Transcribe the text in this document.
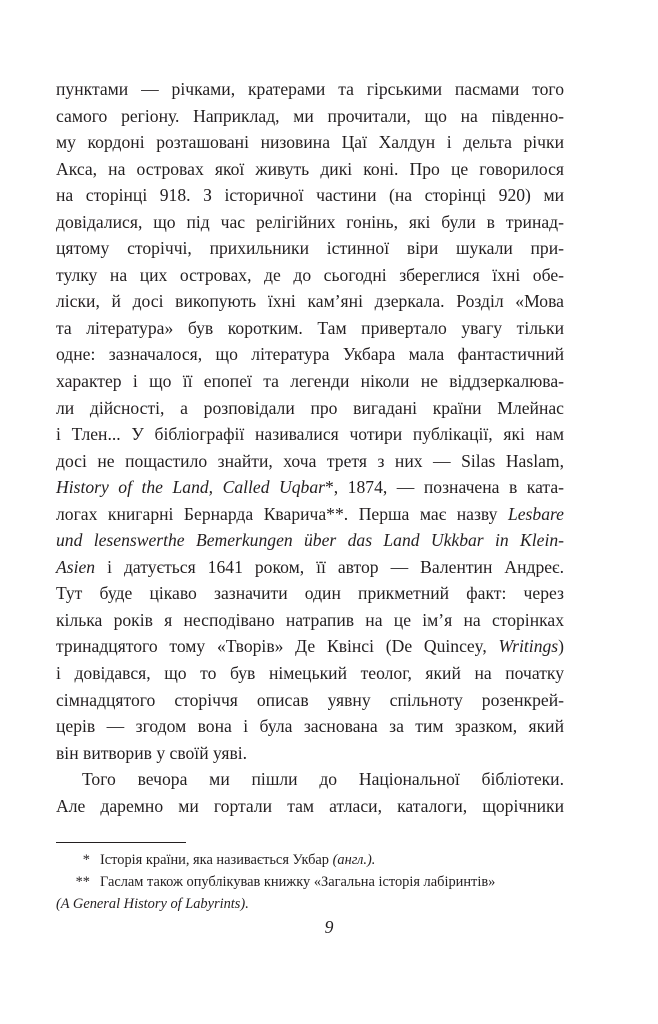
пунктами — річками, кратерами та гірськими пасмами того
самого регіону. Наприклад, ми прочитали, що на південно-
му кордоні розташовані низовина Цаї Халдун і дельта річки
Акса, на островах якої живуть дикі коні. Про це говорилося
на сторінці 918. З історичної частини (на сторінці 920) ми
довідалися, що під час релігійних гонінь, які були в тринад-
цятому сторіччі, прихильники істинної віри шукали при-
тулку на цих островах, де до сьогодні збереглися їхні обе-
ліски, й досі викопують їхні кам’яні дзеркала. Розділ «Мова
та література» був коротким. Там привертало увагу тільки
одне: зазначалося, що література Укбара мала фантастичний
характер і що її епопеї та легенди ніколи не віддзеркалюва-
ли дійсності, а розповідали про вигадані країни Млейнас
і Тлен... У бібліографії називалися чотири публікації, які нам
досі не пощастило знайти, хоча третя з них — Silas Haslam,
History of the Land, Called Uqbar*, 1874, — позначена в ката-
логах книгарні Бернарда Кварича**. Перша має назву Lesbare
und lesenswerthe Bemerkungen über das Land Ukkbar in Klein-
Asien і датується 1641 роком, її автор — Валентин Андреє.
Тут буде цікаво зазначити один прикметний факт: через
кілька років я несподівано натрапив на це ім’я на сторінках
тринадцятого тому «Творів» Де Квінсі (De Quincey, Writings)
і довідався, що то був німецький теолог, який на початку
сімнадцятого сторіччя описав уявну спільноту розенкрей-
церів — згодом вона і була заснована за тим зразком, який
він витворив у своїй уяві.
Того вечора ми пішли до Національної бібліотеки.
Але даремно ми гортали там атласи, каталоги, щорічники
* Історія країни, яка називається Укбар (англ.).
** Гаслам також опублікував книжку «Загальна історія лабіринтів»
(A General History of Labyrints).
9
